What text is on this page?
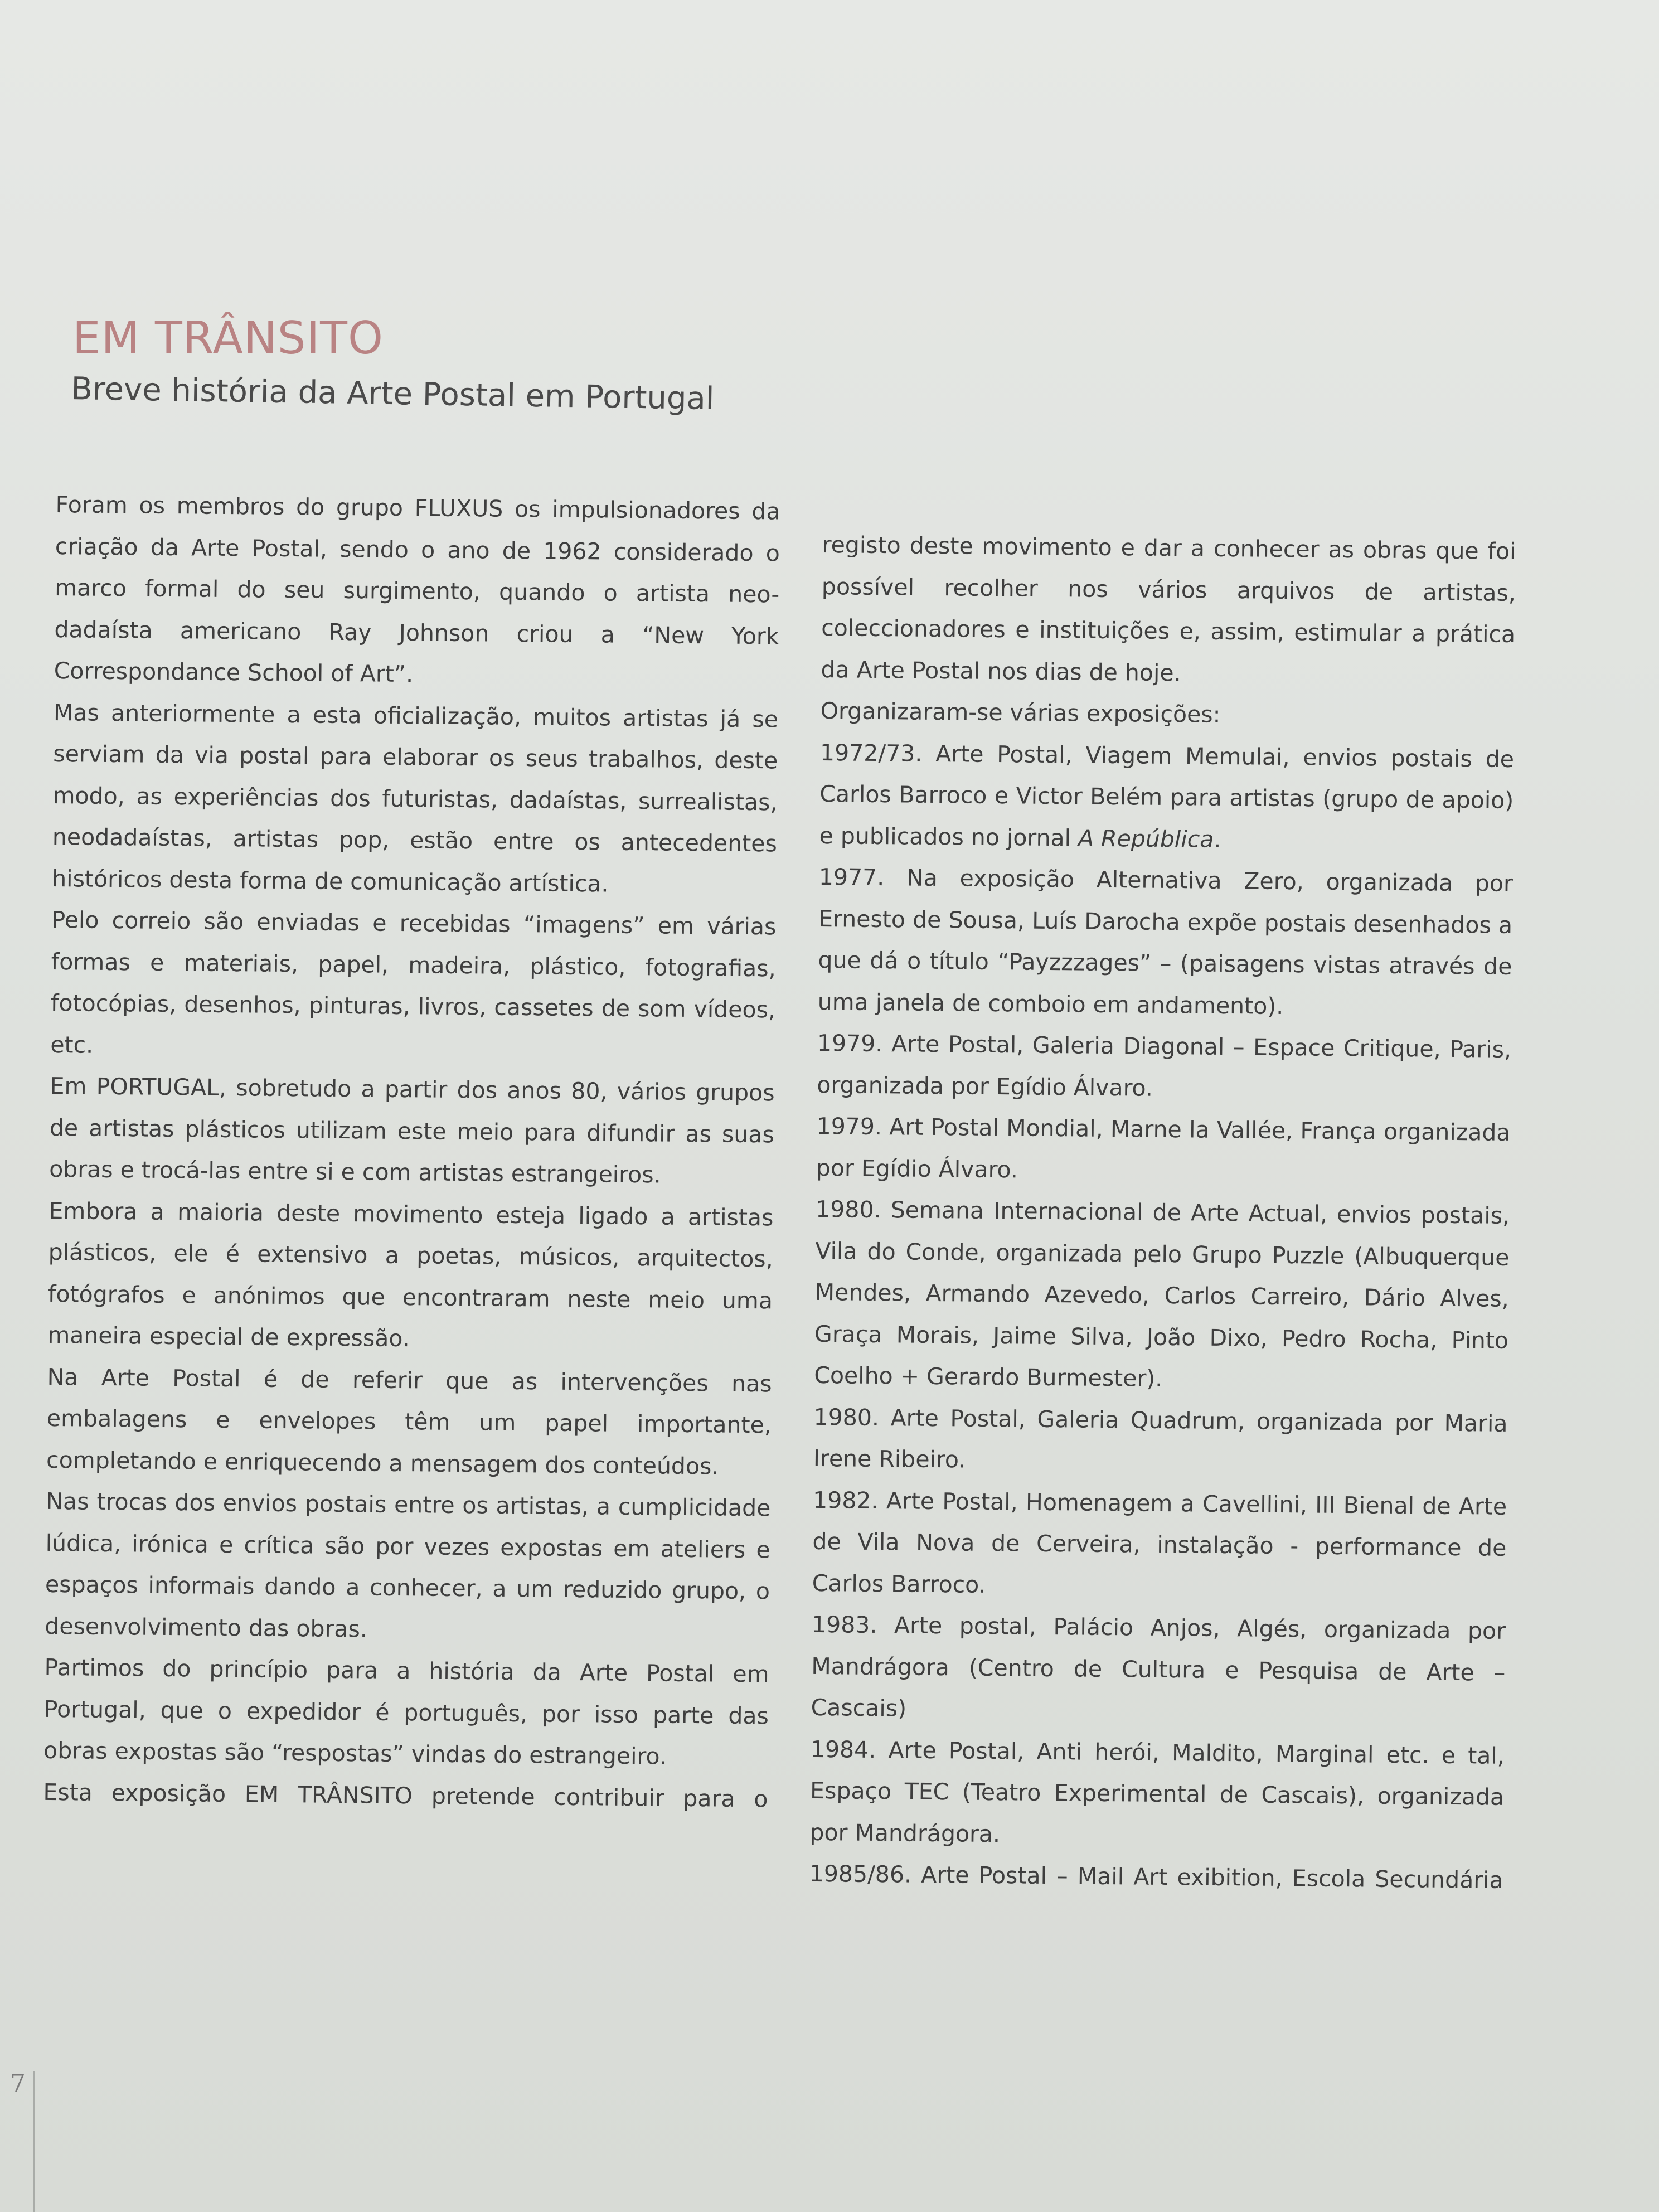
EM TRÂNSITO
Breve história da Arte Postal em Portugal

Foram os membros do grupo FLUXUS os impulsionadores da criação da Arte Postal, sendo o ano de 1962 considerado o marco formal do seu surgimento, quando o artista neo-dadaísta americano Ray Johnson criou a “New York Correspondance School of Art”.

Mas anteriormente a esta oficialização, muitos artistas já se serviam da via postal para elaborar os seus trabalhos, deste modo, as experiências dos futuristas, dadaístas, surrealistas, neodadaístas, artistas pop, estão entre os antecedentes históricos desta forma de comunicação artística.

Pelo correio são enviadas e recebidas “imagens” em várias formas e materiais, papel, madeira, plástico, fotografias, fotocópias, desenhos, pinturas, livros, cassetes de som vídeos, etc.

Em PORTUGAL, sobretudo a partir dos anos 80, vários grupos de artistas plásticos utilizam este meio para difundir as suas obras e trocá-las entre si e com artistas estrangeiros.

Embora a maioria deste movimento esteja ligado a artistas plásticos, ele é extensivo a poetas, músicos, arquitectos, fotógrafos e anónimos que encontraram neste meio uma maneira especial de expressão.

Na Arte Postal é de referir que as intervenções nas embalagens e envelopes têm um papel importante, completando e enriquecendo a mensagem dos conteúdos.

Nas trocas dos envios postais entre os artistas, a cumplicidade lúdica, irónica e crítica são por vezes expostas em ateliers e espaços informais dando a conhecer, a um reduzido grupo, o desenvolvimento das obras.

Partimos do princípio para a história da Arte Postal em Portugal, que o expedidor é português, por isso parte das obras expostas são “respostas” vindas do estrangeiro.

Esta exposição EM TRÂNSITO pretende contribuir para o

registo deste movimento e dar a conhecer as obras que foi possível recolher nos vários arquivos de artistas, coleccionadores e instituições e, assim, estimular a prática da Arte Postal nos dias de hoje.

Organizaram-se várias exposições:

1972/73. Arte Postal, Viagem Memulai, envios postais de Carlos Barroco e Victor Belém para artistas (grupo de apoio) e publicados no jornal A República.

1977. Na exposição Alternativa Zero, organizada por Ernesto de Sousa, Luís Darocha expõe postais desenhados a que dá o título “Payzzzages” – (paisagens vistas através de uma janela de comboio em andamento).

1979. Arte Postal, Galeria Diagonal – Espace Critique, Paris, organizada por Egídio Álvaro.

1979. Art Postal Mondial, Marne la Vallée, França organizada por Egídio Álvaro.

1980. Semana Internacional de Arte Actual, envios postais, Vila do Conde, organizada pelo Grupo Puzzle (Albuquerque Mendes, Armando Azevedo, Carlos Carreiro, Dário Alves, Graça Morais, Jaime Silva, João Dixo, Pedro Rocha, Pinto Coelho + Gerardo Burmester).

1980. Arte Postal, Galeria Quadrum, organizada por Maria Irene Ribeiro.

1982. Arte Postal, Homenagem a Cavellini, III Bienal de Arte de Vila Nova de Cerveira, instalação - performance de Carlos Barroco.

1983. Arte postal, Palácio Anjos, Algés, organizada por Mandrágora (Centro de Cultura e Pesquisa de Arte – Cascais)

1984. Arte Postal, Anti herói, Maldito, Marginal etc. e tal, Espaço TEC (Teatro Experimental de Cascais), organizada por Mandrágora.

1985/86. Arte Postal – Mail Art exibition, Escola Secundária

7
